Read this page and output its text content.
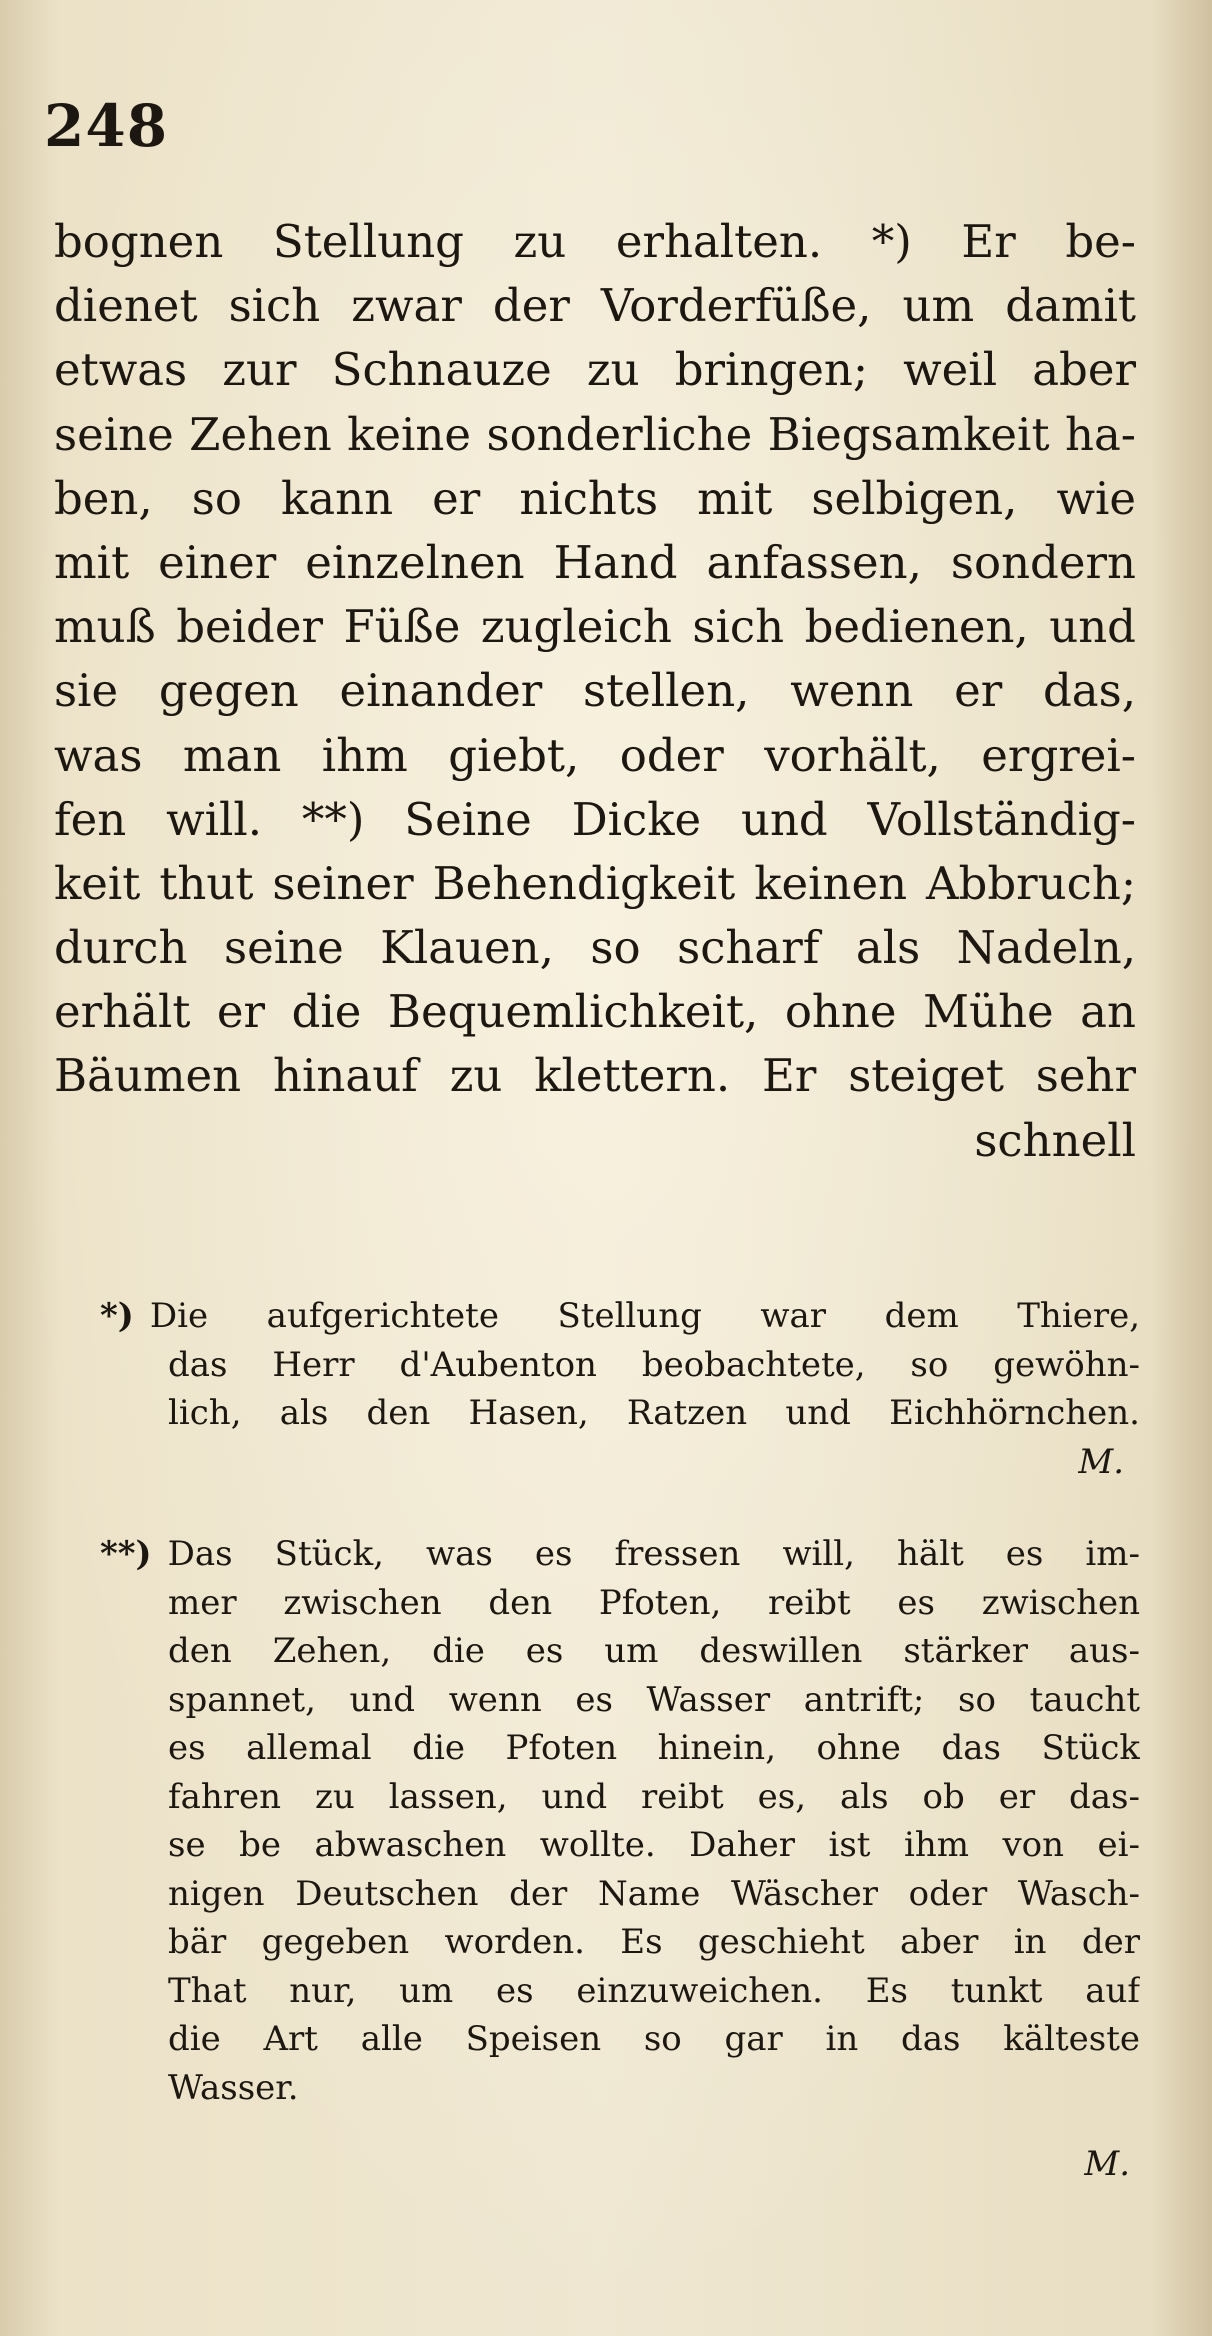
248
bognen Stellung zu erhalten. *) Er be-
dienet sich zwar der Vorderfüße, um damit
etwas zur Schnauze zu bringen; weil aber
seine Zehen keine sonderliche Biegsamkeit ha-
ben, so kann er nichts mit selbigen, wie
mit einer einzelnen Hand anfassen, sondern
muß beider Füße zugleich sich bedienen, und
sie gegen einander stellen, wenn er das,
was man ihm giebt, oder vorhält, ergrei-
fen will. **) Seine Dicke und Vollständig-
keit thut seiner Behendigkeit keinen Abbruch;
durch seine Klauen, so scharf als Nadeln,
erhält er die Bequemlichkeit, ohne Mühe an
Bäumen hinauf zu klettern. Er steiget sehr
schnell
*) Die aufgerichtete Stellung war dem Thiere,
das Herr d'Aubenton beobachtete, so gewöhn-
lich, als den Hasen, Ratzen und Eichhörnchen.
M.
**) Das Stück, was es fressen will, hält es im-
mer zwischen den Pfoten, reibt es zwischen
den Zehen, die es um deswillen stärker aus-
spannet, und wenn es Wasser antrift; so taucht
es allemal die Pfoten hinein, ohne das Stück
fahren zu lassen, und reibt es, als ob er das-
se be abwaschen wollte. Daher ist ihm von ei-
nigen Deutschen der Name Wäscher oder Wasch-
bär gegeben worden. Es geschieht aber in der
That nur, um es einzuweichen. Es tunkt auf
die Art alle Speisen so gar in das kälteste
Wasser.
M.
